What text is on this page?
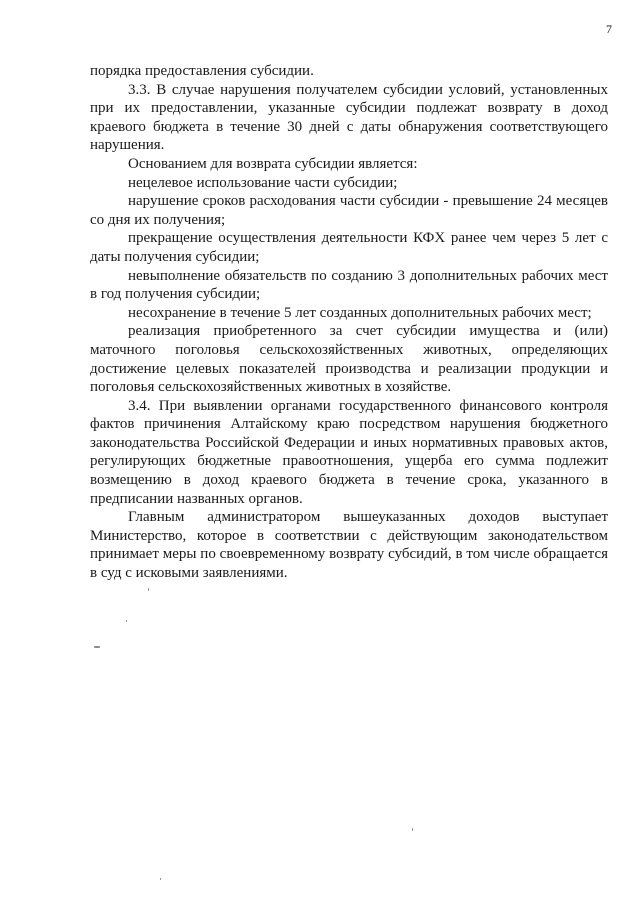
7

порядка предоставления субсидии.

3.3. В случае нарушения получателем субсидии условий, установленных при их предоставлении, указанные субсидии подлежат возврату в доход краевого бюджета в течение 30 дней с даты обнаружения соответствующего нарушения.

Основанием для возврата субсидии является:

нецелевое использование части субсидии;

нарушение сроков расходования части субсидии - превышение 24 месяцев со дня их получения;

прекращение осуществления деятельности КФХ ранее чем через 5 лет с даты получения субсидии;

невыполнение обязательств по созданию 3 дополнительных рабочих мест в год получения субсидии;

несохранение в течение 5 лет созданных дополнительных рабочих мест;

реализация приобретенного за счет субсидии имущества и (или) маточного поголовья сельскохозяйственных животных, определяющих достижение целевых показателей производства и реализации продукции и поголовья сельскохозяйственных животных в хозяйстве.

3.4. При выявлении органами государственного финансового контроля фактов причинения Алтайскому краю посредством нарушения бюджетного законодательства Российской Федерации и иных нормативных правовых актов, регулирующих бюджетные правоотношения, ущерба его сумма подлежит возмещению в доход краевого бюджета в течение срока, указанного в предписании названных органов.

Главным администратором вышеуказанных доходов выступает Министерство, которое в соответствии с действующим законодательством принимает меры по своевременному возврату субсидий, в том числе обращается в суд с исковыми заявлениями.
